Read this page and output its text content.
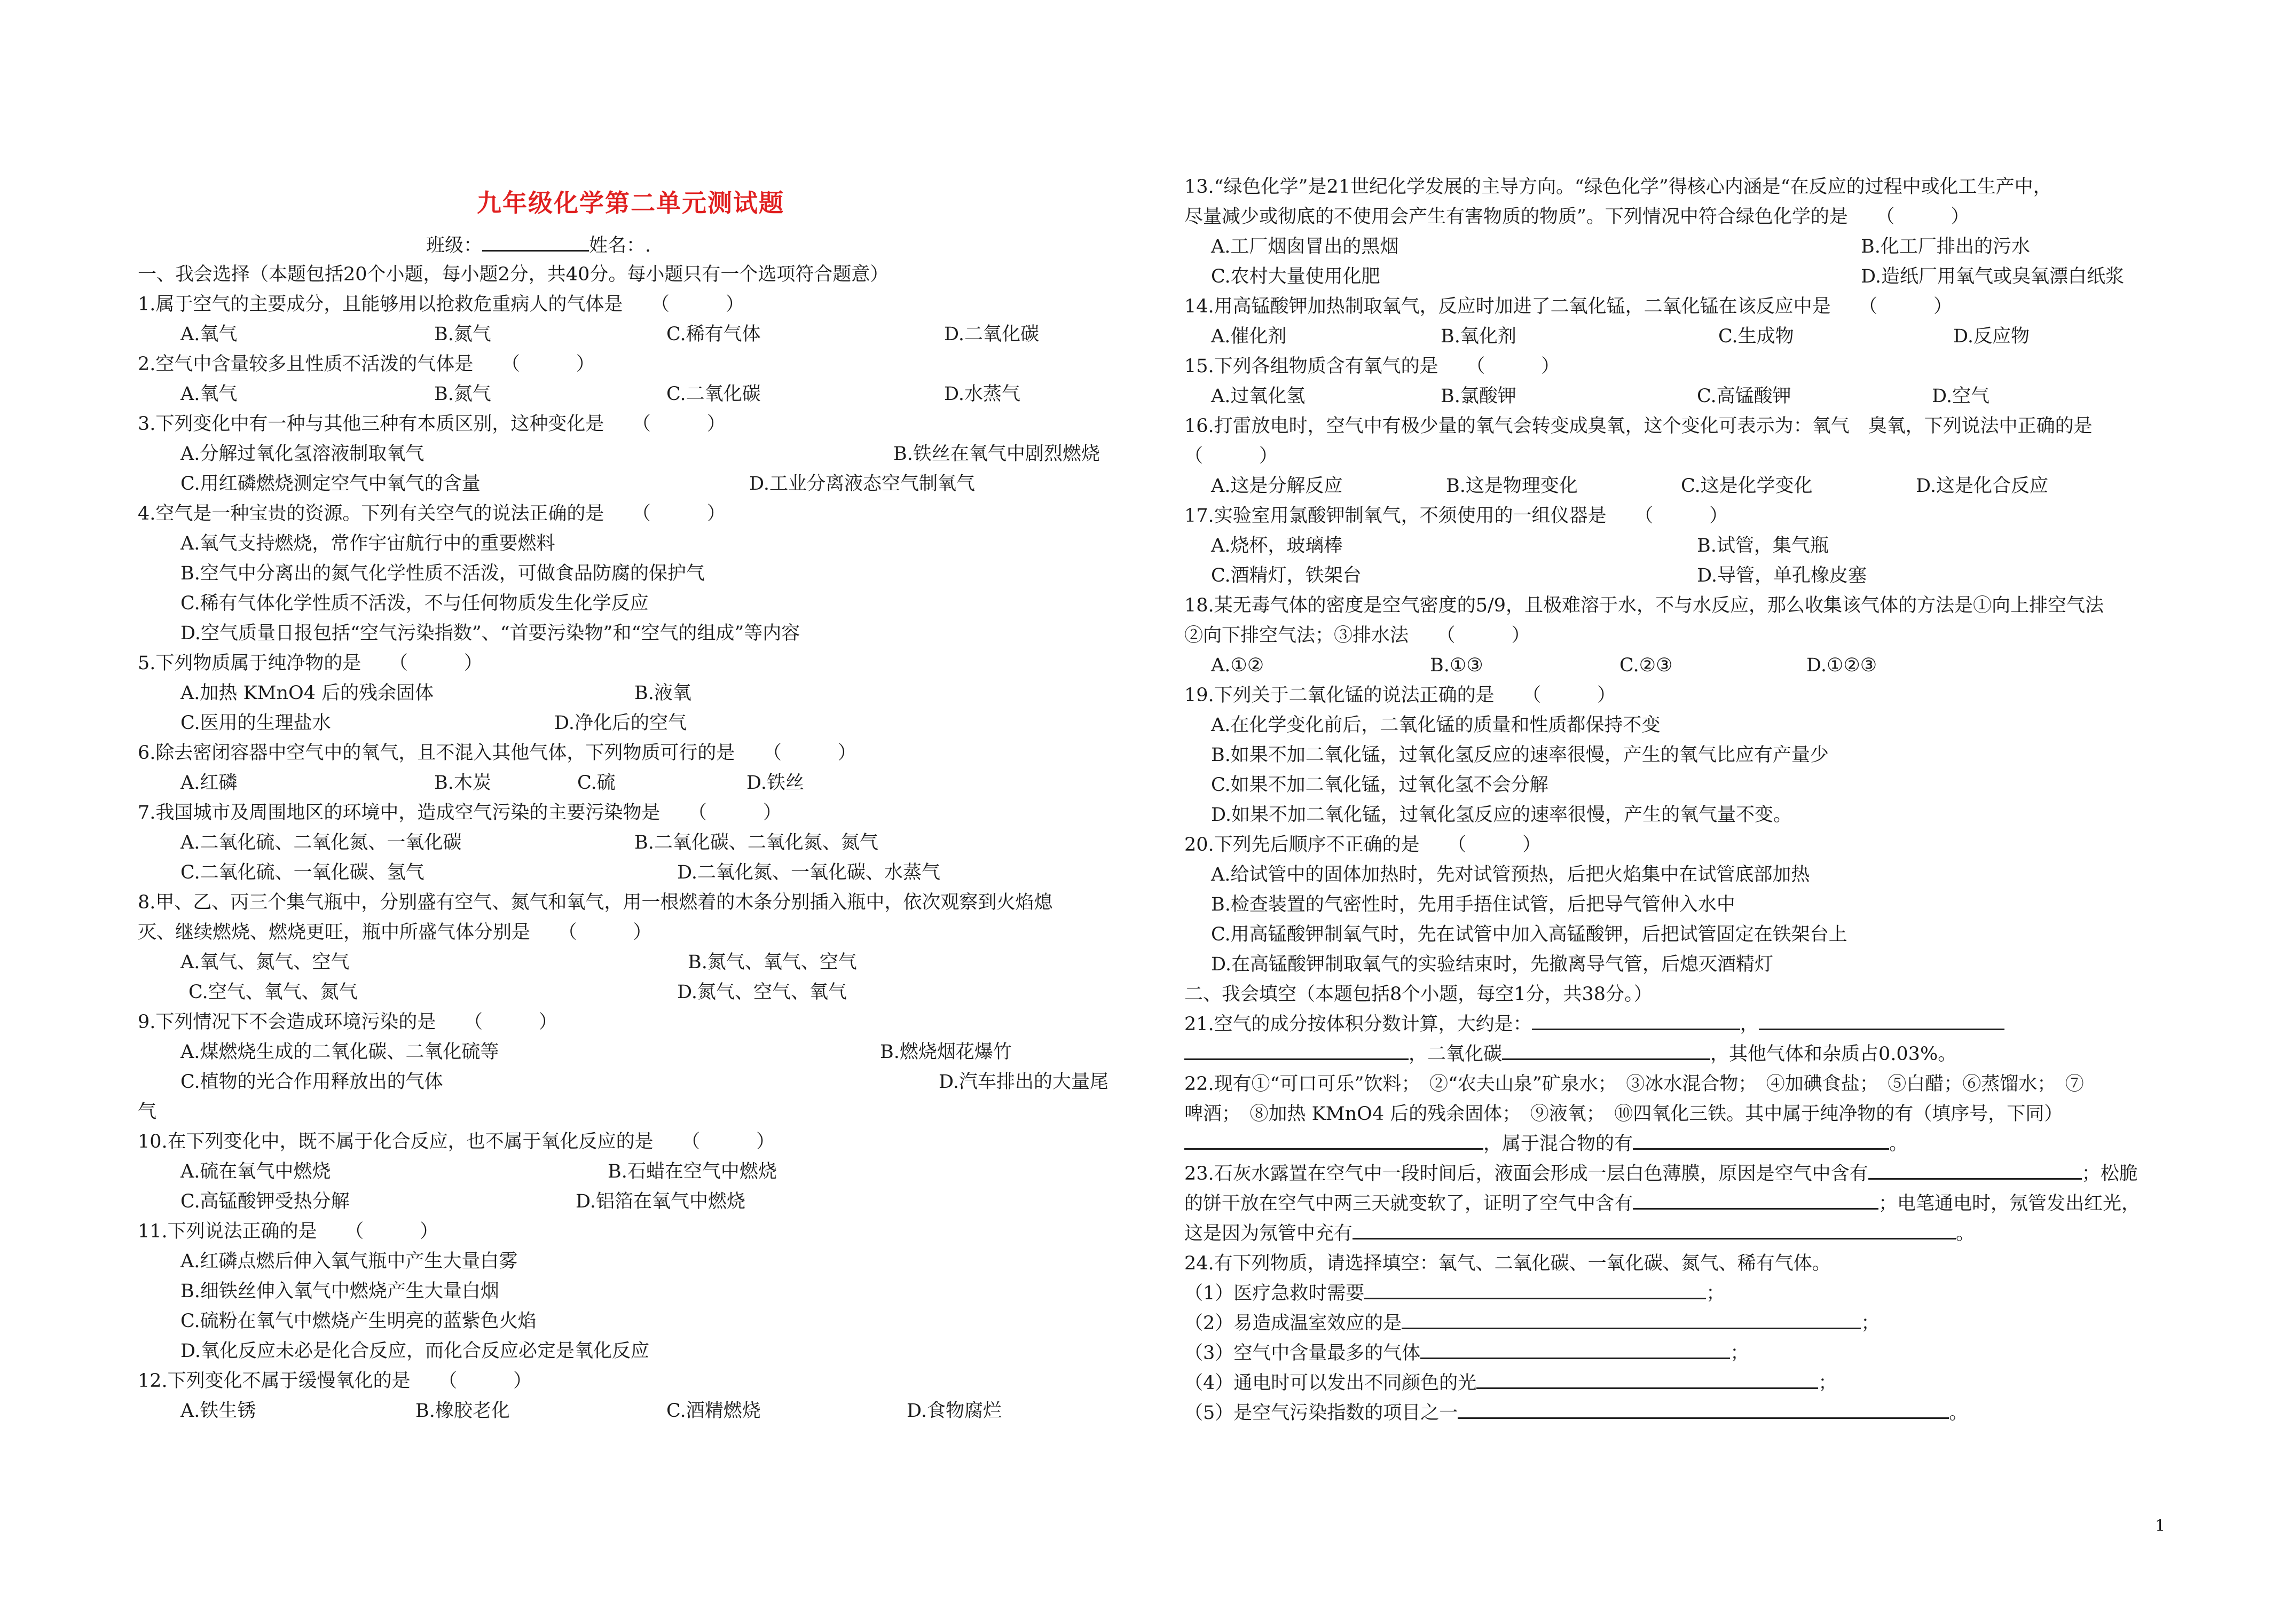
九年级化学第二单元测试题
班级：	姓名：.
一、我会选择（本题包括20个小题，每小题2分，共40分。每小题只有一个选项符合题意）
1.属于空气的主要成分，且能够用以抢救危重病人的气体是　　（　　　）
A.氧气	B.氮气	C.稀有气体	D.二氧化碳
2.空气中含量较多且性质不活泼的气体是　　（　　　）
A.氧气	B.氮气	C.二氧化碳	D.水蒸气
3.下列变化中有一种与其他三种有本质区别，这种变化是　　（　　　）
A.分解过氧化氢溶液制取氧气	B.铁丝在氧气中剧烈燃烧
C.用红磷燃烧测定空气中氧气的含量	D.工业分离液态空气制氧气
4.空气是一种宝贵的资源。下列有关空气的说法正确的是　　（　　　）
A.氧气支持燃烧，常作宇宙航行中的重要燃料
B.空气中分离出的氮气化学性质不活泼，可做食品防腐的保护气
C.稀有气体化学性质不活泼，不与任何物质发生化学反应
D.空气质量日报包括“空气污染指数”、“首要污染物”和“空气的组成”等内容
5.下列物质属于纯净物的是　　（　　　）
A.加热 KMnO4 后的残余固体	B.液氧
C.医用的生理盐水	D.净化后的空气
6.除去密闭容器中空气中的氧气，且不混入其他气体，下列物质可行的是　　（　　　）
A.红磷	B.木炭	C.硫	D.铁丝
7.我国城市及周围地区的环境中，造成空气污染的主要污染物是　　（　　　）
A.二氧化硫、二氧化氮、一氧化碳	B.二氧化碳、二氧化氮、氮气
C.二氧化硫、一氧化碳、氢气	D.二氧化氮、一氧化碳、水蒸气
8.甲、乙、丙三个集气瓶中，分别盛有空气、氮气和氧气，用一根燃着的木条分别插入瓶中，依次观察到火焰熄
灭、继续燃烧、燃烧更旺，瓶中所盛气体分别是　　（　　　）
A.氧气、氮气、空气	B.氮气、氧气、空气
C.空气、氧气、氮气	D.氮气、空气、氧气
9.下列情况下不会造成环境污染的是　　（　　　）
A.煤燃烧生成的二氧化碳、二氧化硫等	B.燃烧烟花爆竹
C.植物的光合作用释放出的气体	D.汽车排出的大量尾
气
10.在下列变化中，既不属于化合反应，也不属于氧化反应的是　　（　　　）
A.硫在氧气中燃烧	B.石蜡在空气中燃烧
C.高锰酸钾受热分解	D.铝箔在氧气中燃烧
11.下列说法正确的是　　（　　　）
A.红磷点燃后伸入氧气瓶中产生大量白雾
B.细铁丝伸入氧气中燃烧产生大量白烟
C.硫粉在氧气中燃烧产生明亮的蓝紫色火焰
D.氧化反应未必是化合反应，而化合反应必定是氧化反应
12.下列变化不属于缓慢氧化的是　　（　　　）
A.铁生锈	B.橡胶老化	C.酒精燃烧	D.食物腐烂
13.“绿色化学”是21世纪化学发展的主导方向。“绿色化学”得核心内涵是“在反应的过程中或化工生产中，
尽量减少或彻底的不使用会产生有害物质的物质”。下列情况中符合绿色化学的是　　（　　　）
A.工厂烟囱冒出的黑烟	B.化工厂排出的污水
C.农村大量使用化肥	D.造纸厂用氧气或臭氧漂白纸浆
14.用高锰酸钾加热制取氧气，反应时加进了二氧化锰，二氧化锰在该反应中是　　（　　　）
A.催化剂	B.氧化剂	C.生成物	D.反应物
15.下列各组物质含有氧气的是　　（　　　）
A.过氧化氢	B.氯酸钾	C.高锰酸钾	D.空气
16.打雷放电时，空气中有极少量的氧气会转变成臭氧，这个变化可表示为：氧气　臭氧，下列说法中正确的是
（　　　）
A.这是分解反应	B.这是物理变化	C.这是化学变化	D.这是化合反应
17.实验室用氯酸钾制氧气，不须使用的一组仪器是　　（　　　）
A.烧杯，玻璃棒	B.试管，集气瓶
C.酒精灯，铁架台	D.导管，单孔橡皮塞
18.某无毒气体的密度是空气密度的5/9，且极难溶于水，不与水反应，那么收集该气体的方法是①向上排空气法
②向下排空气法；③排水法　　（　　　）
A.①②	B.①③	C.②③	D.①②③
19.下列关于二氧化锰的说法正确的是　　（　　　）
A.在化学变化前后，二氧化锰的质量和性质都保持不变
B.如果不加二氧化锰，过氧化氢反应的速率很慢，产生的氧气比应有产量少
C.如果不加二氧化锰，过氧化氢不会分解
D.如果不加二氧化锰，过氧化氢反应的速率很慢，产生的氧气量不变。
20.下列先后顺序不正确的是　　（　　　）
A.给试管中的固体加热时，先对试管预热，后把火焰集中在试管底部加热
B.检查装置的气密性时，先用手捂住试管，后把导气管伸入水中
C.用高锰酸钾制氧气时，先在试管中加入高锰酸钾，后把试管固定在铁架台上
D.在高锰酸钾制取氧气的实验结束时，先撤离导气管，后熄灭酒精灯
二、我会填空（本题包括8个小题，每空1分，共38分。）
21.空气的成分按体积分数计算，大约是：	，
，二氧化碳	，其他气体和杂质占0.03%。
22.现有①“可口可乐”饮料；　②“农夫山泉”矿泉水；　③冰水混合物；　④加碘食盐；　⑤白醋；⑥蒸馏水；　⑦
啤酒；　⑧加热 KMnO4 后的残余固体；　⑨液氧；　⑩四氧化三铁。其中属于纯净物的有（填序号，下同）
，属于混合物的有	。
23.石灰水露置在空气中一段时间后，液面会形成一层白色薄膜，原因是空气中含有	；松脆
的饼干放在空气中两三天就变软了，证明了空气中含有	；电笔通电时，氖管发出红光，
这是因为氖管中充有	。
24.有下列物质，请选择填空：氧气、二氧化碳、一氧化碳、氮气、稀有气体。
（1）医疗急救时需要	；
（2）易造成温室效应的是	；
（3）空气中含量最多的气体	；
（4）通电时可以发出不同颜色的光	；
（5）是空气污染指数的项目之一	。
1
